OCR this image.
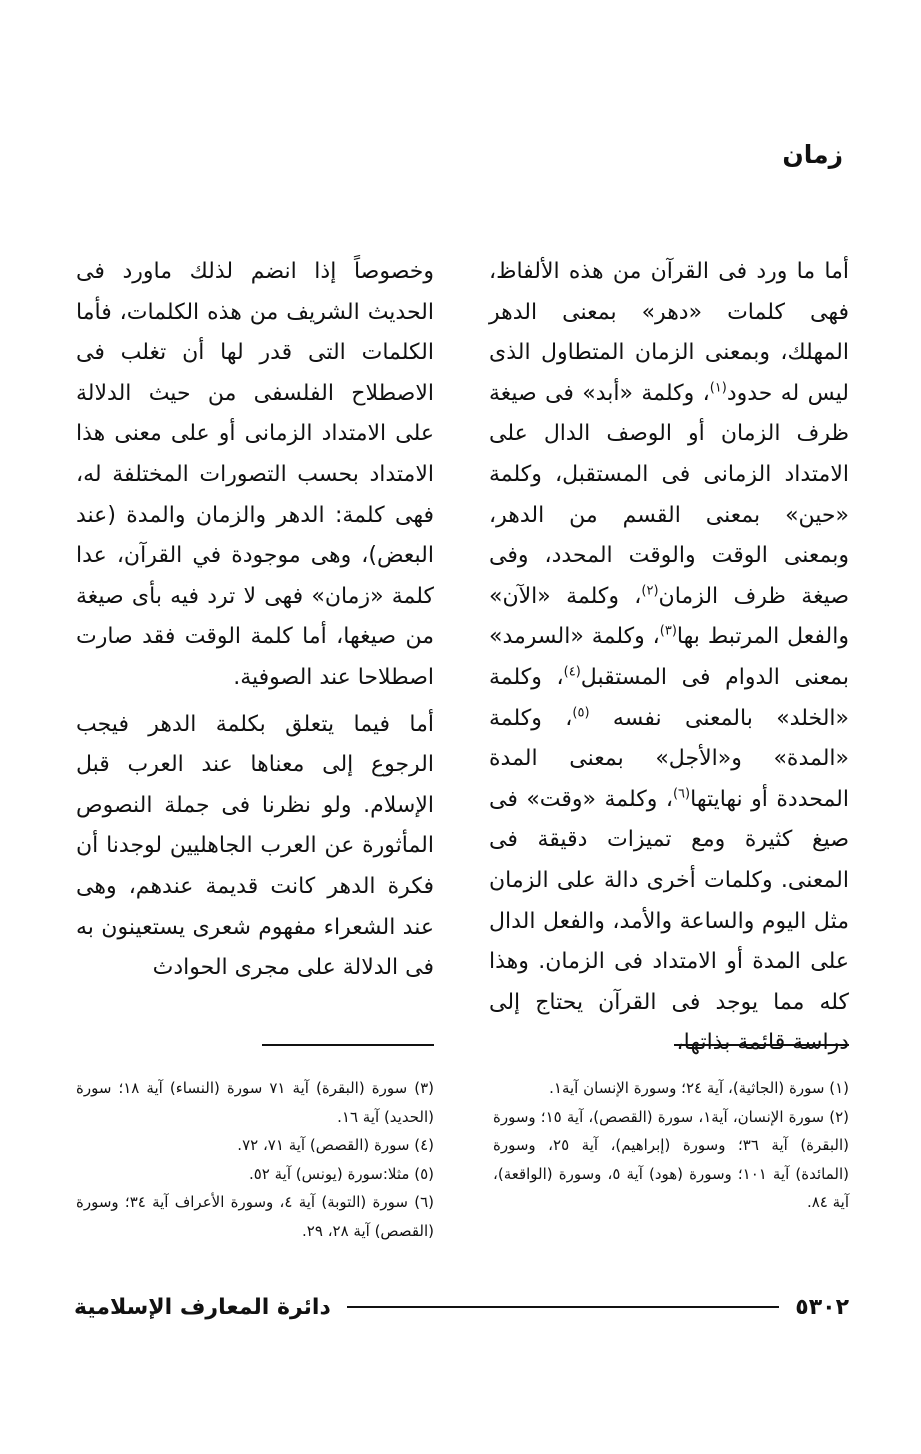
زمان

أما ما ورد فى القرآن من هذه الألفاظ، فهى كلمات «دهر» بمعنى الدهر المهلك، وبمعنى الزمان المتطاول الذى ليس له حدود$^{(١)}$، وكلمة «أبد» فى صيغة ظرف الزمان أو الوصف الدال على الامتداد الزمانى فى المستقبل، وكلمة «حين» بمعنى القسم من الدهر، وبمعنى الوقت والوقت المحدد، وفى صيغة ظرف الزمان$^{(٢)}$، وكلمة «الآن» والفعل المرتبط بها$^{(٣)}$، وكلمة «السرمد» بمعنى الدوام فى المستقبل$^{(٤)}$، وكلمة «الخلد» بالمعنى نفسه $^{(٥)}$، وكلمة «المدة» و«الأجل» بمعنى المدة المحددة أو نهايتها$^{(٦)}$، وكلمة «وقت» فى صيغ كثيرة ومع تميزات دقيقة فى المعنى. وكلمات أخرى دالة على الزمان مثل اليوم والساعة والأمد، والفعل الدال على المدة أو الامتداد فى الزمان. وهذا كله مما يوجد فى القرآن يحتاج إلى دراسة قائمة بذاتها،

وخصوصاً إذا انضم لذلك ماورد فى الحديث الشريف من هذه الكلمات، فأما الكلمات التى قدر لها أن تغلب فى الاصطلاح الفلسفى من حيث الدلالة على الامتداد الزمانى أو على معنى هذا الامتداد بحسب التصورات المختلفة له، فهى كلمة: الدهر والزمان والمدة (عند البعض)، وهى موجودة في القرآن، عدا كلمة «زمان» فهى لا ترد فيه بأى صيغة من صيغها، أما كلمة الوقت فقد صارت اصطلاحا عند الصوفية.

أما فيما يتعلق بكلمة الدهر فيجب الرجوع إلى معناها عند العرب قبل الإسلام. ولو نظرنا فى جملة النصوص المأثورة عن العرب الجاهليين لوجدنا أن فكرة الدهر كانت قديمة عندهم، وهى عند الشعراء مفهوم شعرى يستعينون به فى الدلالة على مجرى الحوادث

(١) سورة (الجاثية)، آية ٢٤؛ وسورة الإنسان آية١.

(٢) سورة الإنسان، آية١، سورة (القصص)، آية ١٥؛ وسورة (البقرة) آية ٣٦؛ وسورة (إبراهيم)، آية ٢٥، وسورة (المائدة) آية ١٠١؛ وسورة (هود) آية ٥، وسورة (الواقعة)، آية ٨٤.

(٣) سورة (البقرة) آية ٧١ سورة (النساء) آية ١٨؛ سورة (الحديد) آية ١٦.

(٤) سورة (القصص) آية ٧١، ٧٢.

(٥) مثلا:سورة (يونس) آية ٥٢.

(٦) سورة (التوبة) آية ٤، وسورة الأعراف آية ٣٤؛ وسورة (القصص) آية ٢٨، ٢٩.

٥٣٠٢
دائرة المعارف الإسلامية
